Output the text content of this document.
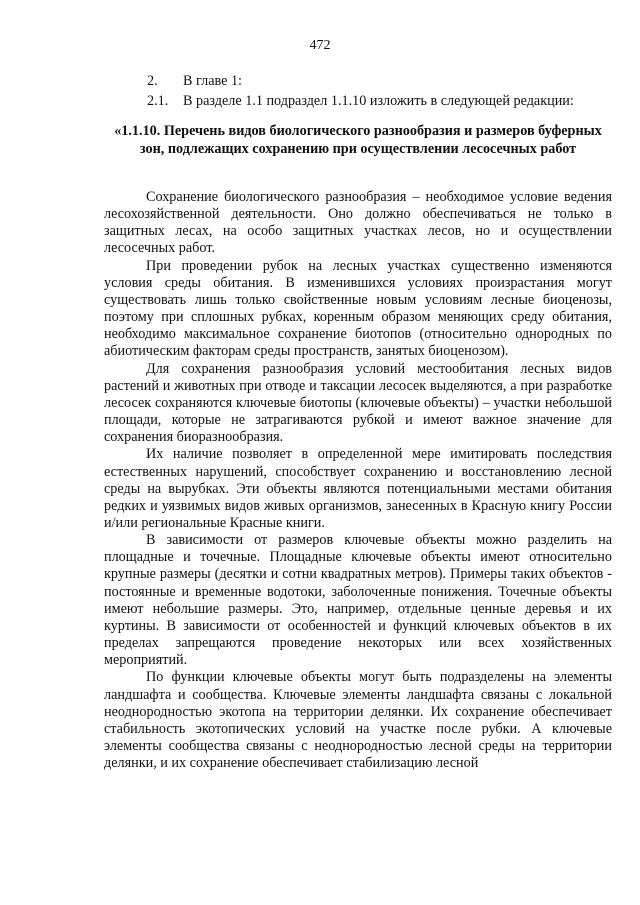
472
2. В главе 1:
2.1. В разделе 1.1 подраздел 1.1.10 изложить в следующей редакции:
«1.1.10. Перечень видов биологического разнообразия и размеров буферных зон, подлежащих сохранению при осуществлении лесосечных работ

Сохранение биологического разнообразия – необходимое условие ведения лесохозяйственной деятельности. Оно должно обеспечиваться не только в защитных лесах, на особо защитных участках лесов, но и осуществлении лесосечных работ.

При проведении рубок на лесных участках существенно изменяются условия среды обитания. В изменившихся условиях произрастания могут существовать лишь только свойственные новым условиям лесные биоценозы, поэтому при сплошных рубках, коренным образом меняющих среду обитания, необходимо максимальное сохранение биотопов (относительно однородных по абиотическим факторам среды пространств, занятых биоценозом).

Для сохранения разнообразия условий местообитания лесных видов растений и животных при отводе и таксации лесосек выделяются, а при разработке лесосек сохраняются ключевые биотопы (ключевые объекты) – участки небольшой площади, которые не затрагиваются рубкой и имеют важное значение для сохранения биоразнообразия.

Их наличие позволяет в определенной мере имитировать последствия естественных нарушений, способствует сохранению и восстановлению лесной среды на вырубках. Эти объекты являются потенциальными местами обитания редких и уязвимых видов живых организмов, занесенных в Красную книгу России и/или региональные Красные книги.

В зависимости от размеров ключевые объекты можно разделить на площадные и точечные. Площадные ключевые объекты имеют относительно крупные размеры (десятки и сотни квадратных метров). Примеры таких объектов - постоянные и временные водотоки, заболоченные понижения. Точечные объекты имеют небольшие размеры. Это, например, отдельные ценные деревья и их куртины. В зависимости от особенностей и функций ключевых объектов в их пределах запрещаются проведение некоторых или всех хозяйственных мероприятий.

По функции ключевые объекты могут быть подразделены на элементы ландшафта и сообщества. Ключевые элементы ландшафта связаны с локальной неоднородностью экотопа на территории делянки. Их сохранение обеспечивает стабильность экотопических условий на участке после рубки. А ключевые элементы сообщества связаны с неоднородностью лесной среды на территории делянки, и их сохранение обеспечивает стабилизацию лесной
